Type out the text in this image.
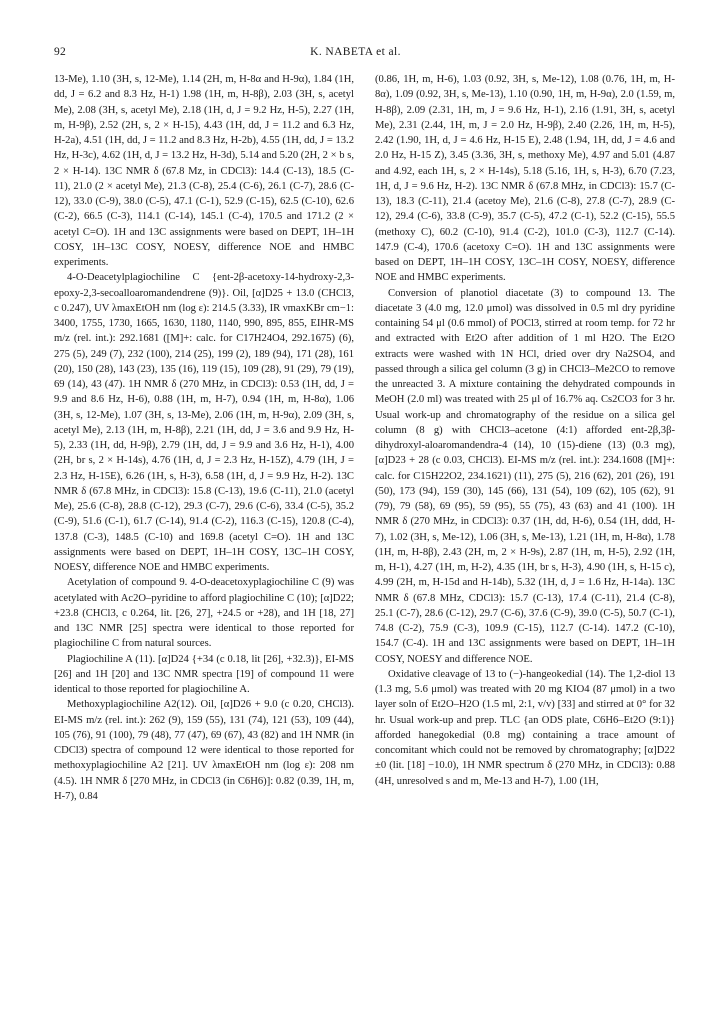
92	K. NABETA et al.

13-Me), 1.10 (3H, s, 12-Me), 1.14 (2H, m, H-8α and H-9α), 1.84 (1H, dd, J = 6.2 and 8.3 Hz, H-1) 1.98 (1H, m, H-8β), 2.03 (3H, s, acetyl Me), 2.08 (3H, s, acetyl Me), 2.18 (1H, d, J = 9.2 Hz, H-5), 2.27 (1H, m, H-9β), 2.52 (2H, s, 2 × H-15), 4.43 (1H, dd, J = 11.2 and 6.3 Hz, H-2a), 4.51 (1H, dd, J = 11.2 and 8.3 Hz, H-2b), 4.55 (1H, dd, J = 13.2 Hz, H-3c), 4.62 (1H, d, J = 13.2 Hz, H-3d), 5.14 and 5.20 (2H, 2 × b s, 2 × H-14). 13C NMR δ (67.8 Mz, in CDCl3): 14.4 (C-13), 18.5 (C-11), 21.0 (2 × acetyl Me), 21.3 (C-8), 25.4 (C-6), 26.1 (C-7), 28.6 (C-12), 33.0 (C-9), 38.0 (C-5), 47.1 (C-1), 52.9 (C-15), 62.5 (C-10), 62.6 (C-2), 66.5 (C-3), 114.1 (C-14), 145.1 (C-4), 170.5 and 171.2 (2 × acetyl C=O). 1H and 13C assignments were based on DEPT, 1H–1H COSY, 1H–13C COSY, NOESY, difference NOE and HMBC experiments.

4-O-Deacetylplagiochiline C {ent-2β-acetoxy-14-hydroxy-2,3-epoxy-2,3-secoalloaromandendrene (9)}. Oil, [α]D25 + 13.0 (CHCl3, c 0.247), UV λmaxEtOH nm (log ε): 214.5 (3.33), IR νmaxKBr cm−1: 3400, 1755, 1730, 1665, 1630, 1180, 1140, 990, 895, 855, EIHR-MS m/z (rel. int.): 292.1681 ([M]+: calc. for C17H24O4, 292.1675) (6), 275 (5), 249 (7), 232 (100), 214 (25), 199 (2), 189 (94), 171 (28), 161 (20), 150 (28), 143 (23), 135 (16), 119 (15), 109 (28), 91 (29), 79 (19), 69 (14), 43 (47). 1H NMR δ (270 MHz, in CDCl3): 0.53 (1H, dd, J = 9.9 and 8.6 Hz, H-6), 0.88 (1H, m, H-7), 0.94 (1H, m, H-8α), 1.06 (3H, s, 12-Me), 1.07 (3H, s, 13-Me), 2.06 (1H, m, H-9α), 2.09 (3H, s, acetyl Me), 2.13 (1H, m, H-8β), 2.21 (1H, dd, J = 3.6 and 9.9 Hz, H-5), 2.33 (1H, dd, H-9β), 2.79 (1H, dd, J = 9.9 and 3.6 Hz, H-1), 4.00 (2H, br s, 2 × H-14s), 4.76 (1H, d, J = 2.3 Hz, H-15Z), 4.79 (1H, J = 2.3 Hz, H-15E), 6.26 (1H, s, H-3), 6.58 (1H, d, J = 9.9 Hz, H-2). 13C NMR δ (67.8 MHz, in CDCl3): 15.8 (C-13), 19.6 (C-11), 21.0 (acetyl Me), 25.6 (C-8), 28.8 (C-12), 29.3 (C-7), 29.6 (C-6), 33.4 (C-5), 35.2 (C-9), 51.6 (C-1), 61.7 (C-14), 91.4 (C-2), 116.3 (C-15), 120.8 (C-4), 137.8 (C-3), 148.5 (C-10) and 169.8 (acetyl C=O). 1H and 13C assignments were based on DEPT, 1H–1H COSY, 13C–1H COSY, NOESY, difference NOE and HMBC experiments.

Acetylation of compound 9. 4-O-deacetoxyplagiochiline C (9) was acetylated with Ac2O–pyridine to afford plagiochiline C (10); [α]D22; +23.8 (CHCl3, c 0.264, lit. [26, 27], +24.5 or +28), and 1H [18, 27] and 13C NMR [25] spectra were identical to those reported for plagiochiline C from natural sources.

Plagiochiline A (11). [α]D24 {+34 (c 0.18, lit [26], +32.3)}, EI-MS [26] and 1H [20] and 13C NMR spectra [19] of compound 11 were identical to those reported for plagiochiline A.

Methoxyplagiochiline A2(12). Oil, [α]D26 + 9.0 (c 0.20, CHCl3). EI-MS m/z (rel. int.): 262 (9), 159 (55), 131 (74), 121 (53), 109 (44), 105 (76), 91 (100), 79 (48), 77 (47), 69 (67), 43 (82) and 1H NMR (in CDCl3) spectra of compound 12 were identical to those reported for methoxyplagiochiline A2 [21]. UV λmaxEtOH nm (log ε): 208 nm (4.5). 1H NMR δ [270 MHz, in CDCl3 (in C6H6)]: 0.82 (0.39, 1H, m, H-7), 0.84

(0.86, 1H, m, H-6), 1.03 (0.92, 3H, s, Me-12), 1.08 (0.76, 1H, m, H-8α), 1.09 (0.92, 3H, s, Me-13), 1.10 (0.90, 1H, m, H-9α), 2.0 (1.59, m, H-8β), 2.09 (2.31, 1H, m, J = 9.6 Hz, H-1), 2.16 (1.91, 3H, s, acetyl Me), 2.31 (2.44, 1H, m, J = 2.0 Hz, H-9β), 2.40 (2.26, 1H, m, H-5), 2.42 (1.90, 1H, d, J = 4.6 Hz, H-15 E), 2.48 (1.94, 1H, dd, J = 4.6 and 2.0 Hz, H-15 Z), 3.45 (3.36, 3H, s, methoxy Me), 4.97 and 5.01 (4.87 and 4.92, each 1H, s, 2 × H-14s), 5.18 (5.16, 1H, s, H-3), 6.70 (7.23, 1H, d, J = 9.6 Hz, H-2). 13C NMR δ (67.8 MHz, in CDCl3): 15.7 (C-13), 18.3 (C-11), 21.4 (acetoy Me), 21.6 (C-8), 27.8 (C-7), 28.9 (C-12), 29.4 (C-6), 33.8 (C-9), 35.7 (C-5), 47.2 (C-1), 52.2 (C-15), 55.5 (methoxy C), 60.2 (C-10), 91.4 (C-2), 101.0 (C-3), 112.7 (C-14). 147.9 (C-4), 170.6 (acetoxy C=O). 1H and 13C assignments were based on DEPT, 1H–1H COSY, 13C–1H COSY, NOESY, difference NOE and HMBC experiments.

Conversion of planotiol diacetate (3) to compound 13. The diacetate 3 (4.0 mg, 12.0 μmol) was dissolved in 0.5 ml dry pyridine containing 54 μl (0.6 mmol) of POCl3, stirred at room temp. for 72 hr and extracted with Et2O after addition of 1 ml H2O. The Et2O extracts were washed with 1N HCl, dried over dry Na2SO4, and passed through a silica gel column (3 g) in CHCl3–Me2CO to remove the unreacted 3. A mixture containing the dehydrated compounds in MeOH (2.0 ml) was treated with 25 μl of 16.7% aq. Cs2CO3 for 3 hr. Usual work-up and chromatography of the residue on a silica gel column (8 g) with CHCl3–acetone (4:1) afforded ent-2β,3β-dihydroxyl-aloaromandendra-4 (14), 10 (15)-diene (13) (0.3 mg), [α]D23 + 28 (c 0.03, CHCl3). EI-MS m/z (rel. int.): 234.1608 ([M]+: calc. for C15H22O2, 234.1621) (11), 275 (5), 216 (62), 201 (26), 191 (50), 173 (94), 159 (30), 145 (66), 131 (54), 109 (62), 105 (62), 91 (79), 79 (58), 69 (95), 59 (95), 55 (75), 43 (63) and 41 (100). 1H NMR δ (270 MHz, in CDCl3): 0.37 (1H, dd, H-6), 0.54 (1H, ddd, H-7), 1.02 (3H, s, Me-12), 1.06 (3H, s, Me-13), 1.21 (1H, m, H-8α), 1.78 (1H, m, H-8β), 2.43 (2H, m, 2 × H-9s), 2.87 (1H, m, H-5), 2.92 (1H, m, H-1), 4.27 (1H, m, H-2), 4.35 (1H, br s, H-3), 4.90 (1H, s, H-15 c), 4.99 (2H, m, H-15d and H-14b), 5.32 (1H, d, J = 1.6 Hz, H-14a). 13C NMR δ (67.8 MHz, CDCl3): 15.7 (C-13), 17.4 (C-11), 21.4 (C-8), 25.1 (C-7), 28.6 (C-12), 29.7 (C-6), 37.6 (C-9), 39.0 (C-5), 50.7 (C-1), 74.8 (C-2), 75.9 (C-3), 109.9 (C-15), 112.7 (C-14). 147.2 (C-10), 154.7 (C-4). 1H and 13C assignments were based on DEPT, 1H–1H COSY, NOESY and difference NOE.

Oxidative cleavage of 13 to (−)-hangeokedial (14). The 1,2-diol 13 (1.3 mg, 5.6 μmol) was treated with 20 mg KIO4 (87 μmol) in a two layer soln of Et2O–H2O (1.5 ml, 2:1, v/v) [33] and stirred at 0° for 32 hr. Usual work-up and prep. TLC {an ODS plate, C6H6–Et2O (9:1)} afforded hanegokedial (0.8 mg) containing a trace amount of concomitant which could not be removed by chromatography; [α]D22 ±0 (lit. [18] −10.0), 1H NMR spectrum δ (270 MHz, in CDCl3): 0.88 (4H, unresolved s and m, Me-13 and H-7), 1.00 (1H,
